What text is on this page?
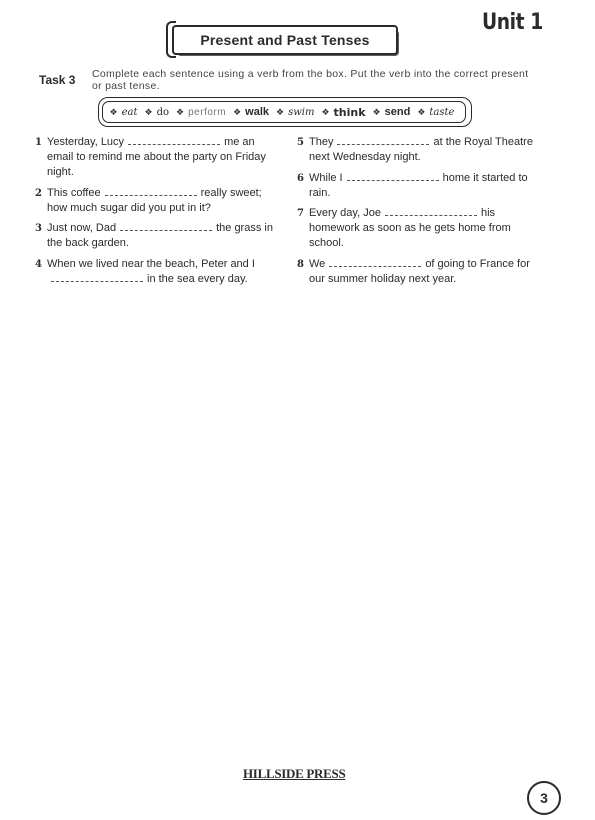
Present and Past Tenses
Unit 1
Task 3 Complete each sentence using a verb from the box. Put the verb into the correct present or past tense.
❖ eat ❖ do ❖ perform ❖ walk ❖ swim ❖ think ❖ send ❖ taste
1 Yesterday, Lucy	me an email to remind me about the party on Friday night.
2 This coffee	really sweet; how much sugar did you put in it?
3 Just now, Dad	the grass in the back garden.
4 When we lived near the beach, Peter and Iin the sea every day.
5 They	at the Royal Theatre next Wednesday night.
6 While I	home it started to rain.
7 Every day, Joe	his homework as soon as he gets home from school.
8 We	of going to France for our summer holiday next year.
HILLSIDE PRESS
3
